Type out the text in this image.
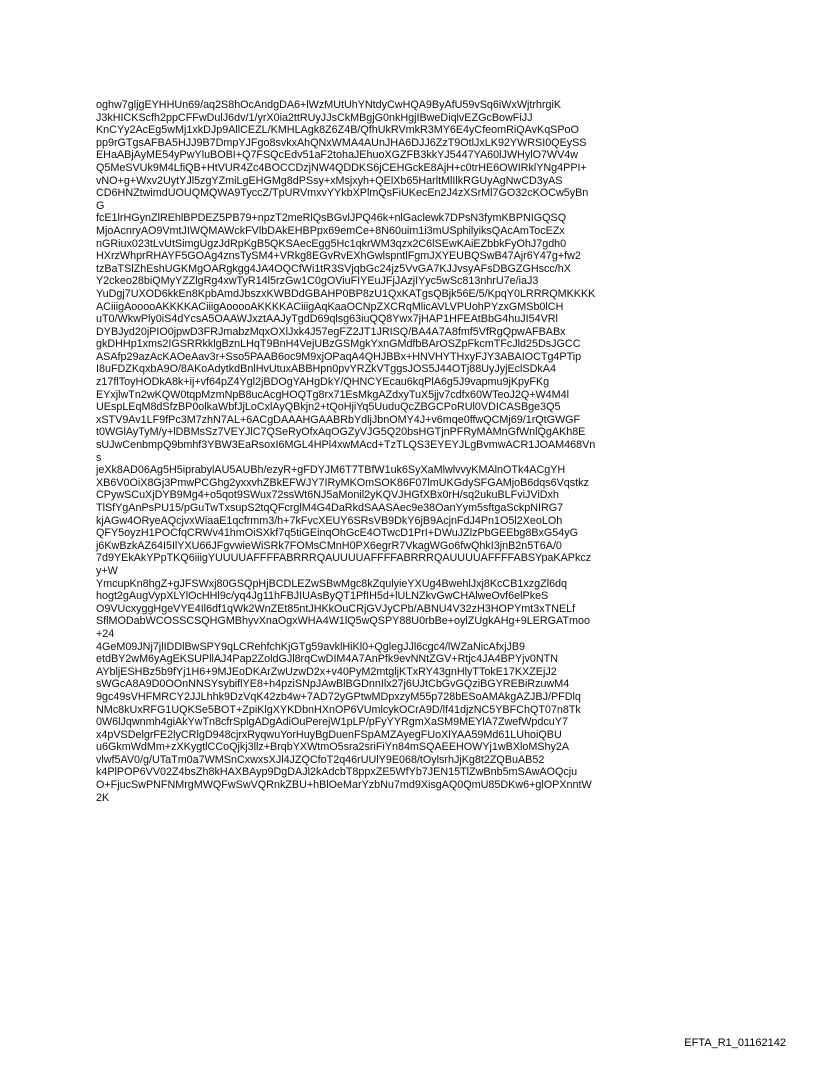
oghw7gljgEYHHUn69/aq2S8hOcAndgDA6+lWzMUtUhYNtdyCwHQA9ByAfU59vSq6iWxWjtrhrgiK
J3kHICKScfh2ppCFFwDulJ6dv/1/yrX0ia2ttRUyJJsCkMBgjG0nkHgjIBweDiqlvEZGcBowFiJJ
KnCYy2AcEg5wMj1xkDJp9AllCEZL/KMHLAgk8Z6Z4B/QfhUkRVmkR3MY6E4yCfeomRiQAvKqSPoO
pp9rGTgsAFBA5HJJ9B7DmpYJFgo8svkxAhQNxWMA4AUnJHA6DJJ6ZzT9OtlJxLK92YWRSI0QEySS
EHaABjAyME54yPwYluBOBI+Q7FSQcEdv51aF2tohaJEhuoXGZFB3kkYJ5447YA60lJWHylO7WV4w
Q5MeSVUk9M4LfiQB+HtVUR4Zc4BOCCDzjNW4QDDKS6jCEHGckE8AjH+c0trHE6OWIRklYNg4PPI+
vNO+g+Wxv2UytYJl5zgYZmiLgEHGMg8dPSsy+xMsjxyh+QElXb65HarltMlIlkRGUyAgNwCD3yAS
CD6HNZtwimdUOUQMQWA9TyccZ/TpURVmxvYYkbXPlmQsFiUKecEn2J4zXSrMl7GO32cKOCw5yBn
G
fcE1lrHGynZlREhlBPDEZ5PB79+npzT2meRlQsBGvlJPQ46k+nlGaclewk7DPsN3fymKBPNIGQSQ
MjoAcnryAO9VmtJIWQMAWckFVlbDAkEHBPpx69emCe+8N60uim1i3mUSphilyiksQAcAmTocEZx
nGRiux023tLvUtSimgUgzJdRpKgB5QKSAecEgg5Hc1qkrWM3qzx2C6lSEwKAiEZbbkFyOhJ7gdh0
HXrzWhprRHAYF5GOAg4znsTySM4+VRkg8EGvRvEXhGwlspntlFgmJXYEUBQSwB47Ajr6Y47g+fw2
tzBaTSlZhEshUGKMgOARgkgg4JA4OQCfWi1tR3SVjqbGc24jz5VvGA7KJJvsyAFsDBGZGHscc/hX
Y2ckeo28biQMyYZZlgRg4xwTyR14l5rzGw1C0gOViuFIYEuJFjJAzjIYyc5wSc813nhrU7e/iaJ3
YuDgj7UXOD6kkEn8KpbAmdJbszxKWBDdGBAHP0BP8zU1QxKATgsQBjk56E/5/KpqY0LRRRQMKKKK
ACiiigAooooAKKKKACiiigAooooAKKKKACiiigAqKaaOCNpZXCRqMlicAVLVPUohPYzxGMSb0lCH
uT0/WkwPly0iS4dYcsA5OAAWJxztAAJyTgdD69qlsg63iuQQ8Ywx7jHAP1HFEAtBbG4huJI54VRl
DYBJyd20jPIO0jpwD3FRJmabzMqxOXlJxk4J57egFZ2JT1JRISQ/BA4A7A8fmf5VfRgQpwAFBABx
gkDHHp1xms2IGSRRkklgBznLHqT9BnH4VejUBzGSMgkYxnGMdfbBArOSZpFkcmTFcJld25DsJGCC
ASAfp29azAcKAOeAav3r+Sso5PAAB6oc9M9xjOPaqA4QHJBBx+HNVHYTHxyFJY3ABAIOCTg4PTip
I8uFDZKqxbA9O/8AKoAdytkdBnlHvUtuxABBHpn0pvYRZkVTggsJOS5J44OTj88UyJyjEclSDkA4
z17flToyHODkA8k+ij+vf64pZ4Ygl2jBDOgYAHgDkY/QHNCYEcau6kqPlA6g5J9vapmu9jKpyFKg
EYxjlwTn2wKQW0tqpMzmNpB8ucAcgHOQTg8rx71EsMkgAZdxyTuX5jjv7cdfx60WTeoJ2Q+W4M4l
UEspLEqM8dSfzBP0olkaWbfJjLoCxlAyQBkjn2+tQoHjiYq5UuduQcZBGCPoRUl0VDICASBge3Q5
xSTV9Av1LF9fPc3M7zhN7AL+6ACgDAAAHGAABRbYdljJbnOMY4J+v6mqe0ffwQCMj69/1rQtGWGF
t0WGlAyTyM/y+lDBMsSz7VEYJlC7QSeRyOfxAqOGZyVJG5Q20bsHGTjnPFRyMAMnGfWnlQgAKh8E
sUJwCenbmpQ9bmhf3YBW3EaRsoxI6MGL4HPl4xwMAcd+TzTLQS3EYEYJLgBvmwACR1JOAM468Vn
s
jeXk8AD06Ag5H5iprabylAU5AUBh/ezyR+gFDYJM6T7TBfW1uk6SyXaMlwlvvyKMAlnOTk4ACgYH
XB6V0OiX8Gj3PmwPCGhg2yxxvhZBkEFWJY7IRyMKOmSOK86F07lmUKGdySFGAMjoB6dqs6Vqstkz
CPywSCuXjDYB9Mg4+o5qot9SWux72ssWt6NJ5aMonil2yKQVJHGfXBx0rH/sq2ukuBLFviJViDxh
TlSfYgAnPsPU15/pGuTwTxsupS2tqQFcrglM4G4DaRkdSAASAec9e38OanYym5sftgaSckpNIRG7
kjAGw4ORyeAQcjvxWiaaE1qcfrmm3/h+7kFvcXEUY6SRsVB9DkY6jB9AcjnFdJ4Pn1O5l2XeoLOh
QFY5oyzH1POCfqCRWv41hmOiSXkf7q5tiGEinqOhGcE4OTwcD1PrI+DWuJZlzPbGEEbg8BxG54yG
j6KwBzkAZ64I5IlYXU66JFgvwieWiSRk7FOMsCMnH0PX6egrR7VkagWGo6fwQhkI3jnB2n5T6A/0
7d9YEkAkYPpTKQ6iiigYUUUUAFFFFABRRRQAUUUUAFFFFABRRRQAUUUUAFFFFABSYpaKAPkcz
y+W
YmcupKn8hgZ+gJFSWxj80GSQpHjBCDLEZwSBwMgc8kZqulyieYXUg4BwehlJxj8KcCB1xzgZl6dq
hogt2gAugVypXLYlOcHHl9c/yq4Jg11hFBJIUAsByQT1PfIH5d+lULNZkvGwCHAlweOvf6elPkeS
O9VUcxyggHgeVYE4Il6df1qWk2WnZEt85ntJHKkOuCRjGVJyCPb/ABNU4V32zH3HOPYmt3xTNELf
SflMODabWCOSSCSQHGMBhyvXnaOgxWHA4W1lQ5wQSPY88U0rbBe+oylZUgkAHg+9LERGATmoo
+24
4GeM09JNj7jlIDDlBwSPY9qLCRehfchKjGTg59avklHiKl0+QglegJJl6cgc4/lWZaNicAfxjJB9
etdBY2wM6yAgEKSUPllAJ4Pap2ZoldGJl8rqCwDIM4A7AnPfk9evNNtZGV+Rtjc4JA4BPYjv0NTN
AYbljESHBz5b9fYj1H6+9MJEoDKArZwUzwD2x+v40PyM2mtgljKTxRY43gnHlyTTokE17KXZEjJ2
sWGcA8A9D0OOnNNSYsybiflYE8+h4pziSNpJAwBlBGDnnIlx27j6UJtCbGvGQziBGYREBiRzuwM4
9gc49sVHFMRCY2JJLhhk9DzVqK42zb4w+7AD72yGPtwMDpxzyM55p728bESoAMAkgAZJBJ/PFDlq
NMc8kUxRFG1UQKSe5BOT+ZpiKlgXYKDbnHXnOP6VUmlcykOCrA9D/lf41djzNC5YBFChQT07n8Tk
0W6lJqwnmh4giAkYwTn8cfrSplgADgAdiOuPerejW1pLP/pFyYYRgmXaSM9MEYlA7ZwefWpdcuY7
x4pVSDelgrFE2lyCRlgD948cjrxRyqwuYorHuyBgDuenFSpAMZAyegFUoXlYAA59Md61LUhoiQBU
u6GkmWdMm+zXKygtlCCoQjkj3llz+BrqbYXWtmO5sra2sriFiYn84mSQAEEHOWYj1wBXloMShy2A
vlwf5AV0/g/UTaTm0a7WMSnCxwxsXJl4JZQCfoT2q46rUUlY9E068/tOylsrhJjKg8t2ZQBuAB52
k4PlPOP6VV02Z4bsZh8kHAXBAyp9DgDAJl2kAdcbT8ppxZE5WfYb7JEN15TlZwBnb5mSAwAOQcju
O+FjucSwPNFNMrgMWQFwSwVQRnkZBU+hBlOeMarYzbNu7md9XisgAQ0QmU85DKw6+glOPXnntW
2K
EFTA_R1_01162142
